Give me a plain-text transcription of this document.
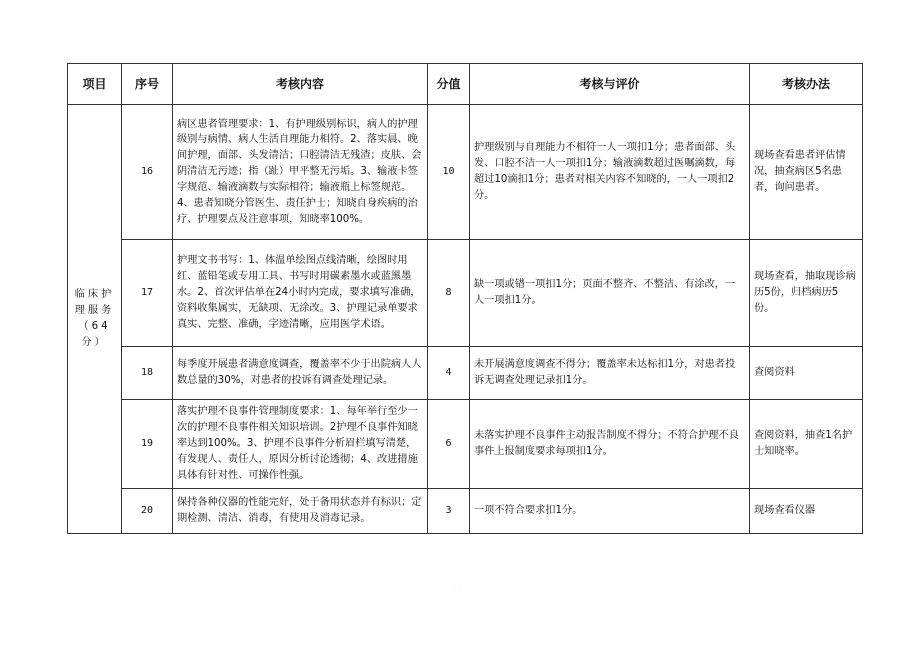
项目	序号	考核内容	分值	考核与评价	考核办法
临床护理服务（64分）	16	病区患者管理要求：1、有护理级别标识，病人的护理级别与病情、病人生活自理能力相符。2、落实晨、晚间护理，面部、头发清洁；口腔清洁无残渣；皮肤、会阴清洁无污迹；指（趾）甲平整无污垢。3、输液卡签字规范、输液滴数与实际相符；输液瓶上标签规范。4、患者知晓分管医生、责任护士；知晓自身疾病的治疗、护理要点及注意事项，知晓率100%。	10	护理级别与自理能力不相符一人一项扣1分；患者面部、头发、口腔不洁一人一项扣1分；输液滴数超过医嘱滴数，每超过10滴扣1分；患者对相关内容不知晓的，一人一项扣2分。	现场查看患者评估情况，抽查病区5名患者，询问患者。
	17	护理文书书写：1、体温单绘图点线清晰，绘图时用红、蓝铅笔或专用工具、书写时用碳素墨水或蓝黑墨水。2、首次评估单在24小时内完成，要求填写准确，资料收集属实，无缺项、无涂改。3、护理记录单要求真实、完整、准确，字迹清晰，应用医学术语。	8	缺一项或错一项扣1分；页面不整齐、不整洁、有涂改，一人一项扣1分。	现场查看，抽取现诊病历5份，归档病历5份。
	18	每季度开展患者满意度调查，覆盖率不少于出院病人人数总量的30%，对患者的投诉有调查处理记录。	4	未开展满意度调查不得分；覆盖率未达标扣1分，对患者投诉无调查处理记录扣1分。	查阅资料
	19	落实护理不良事件管理制度要求：1、每年举行至少一次的护理不良事件相关知识培训。2护理不良事件知晓率达到100%。3、护理不良事件分析眉栏填写清楚，有发现人、责任人，原因分析讨论透彻；4、改进措施具体有针对性、可操作性强。	6	未落实护理不良事件主动报告制度不得分；不符合护理不良事件上报制度要求每项扣1分。	查阅资料，抽查1名护士知晓率。
	20	保持各种仪器的性能完好，处于备用状态并有标识；定期检测、清洁、消毒，有使用及消毒记录。	3	一项不符合要求扣1分。	现场查看仪器
· · ·
